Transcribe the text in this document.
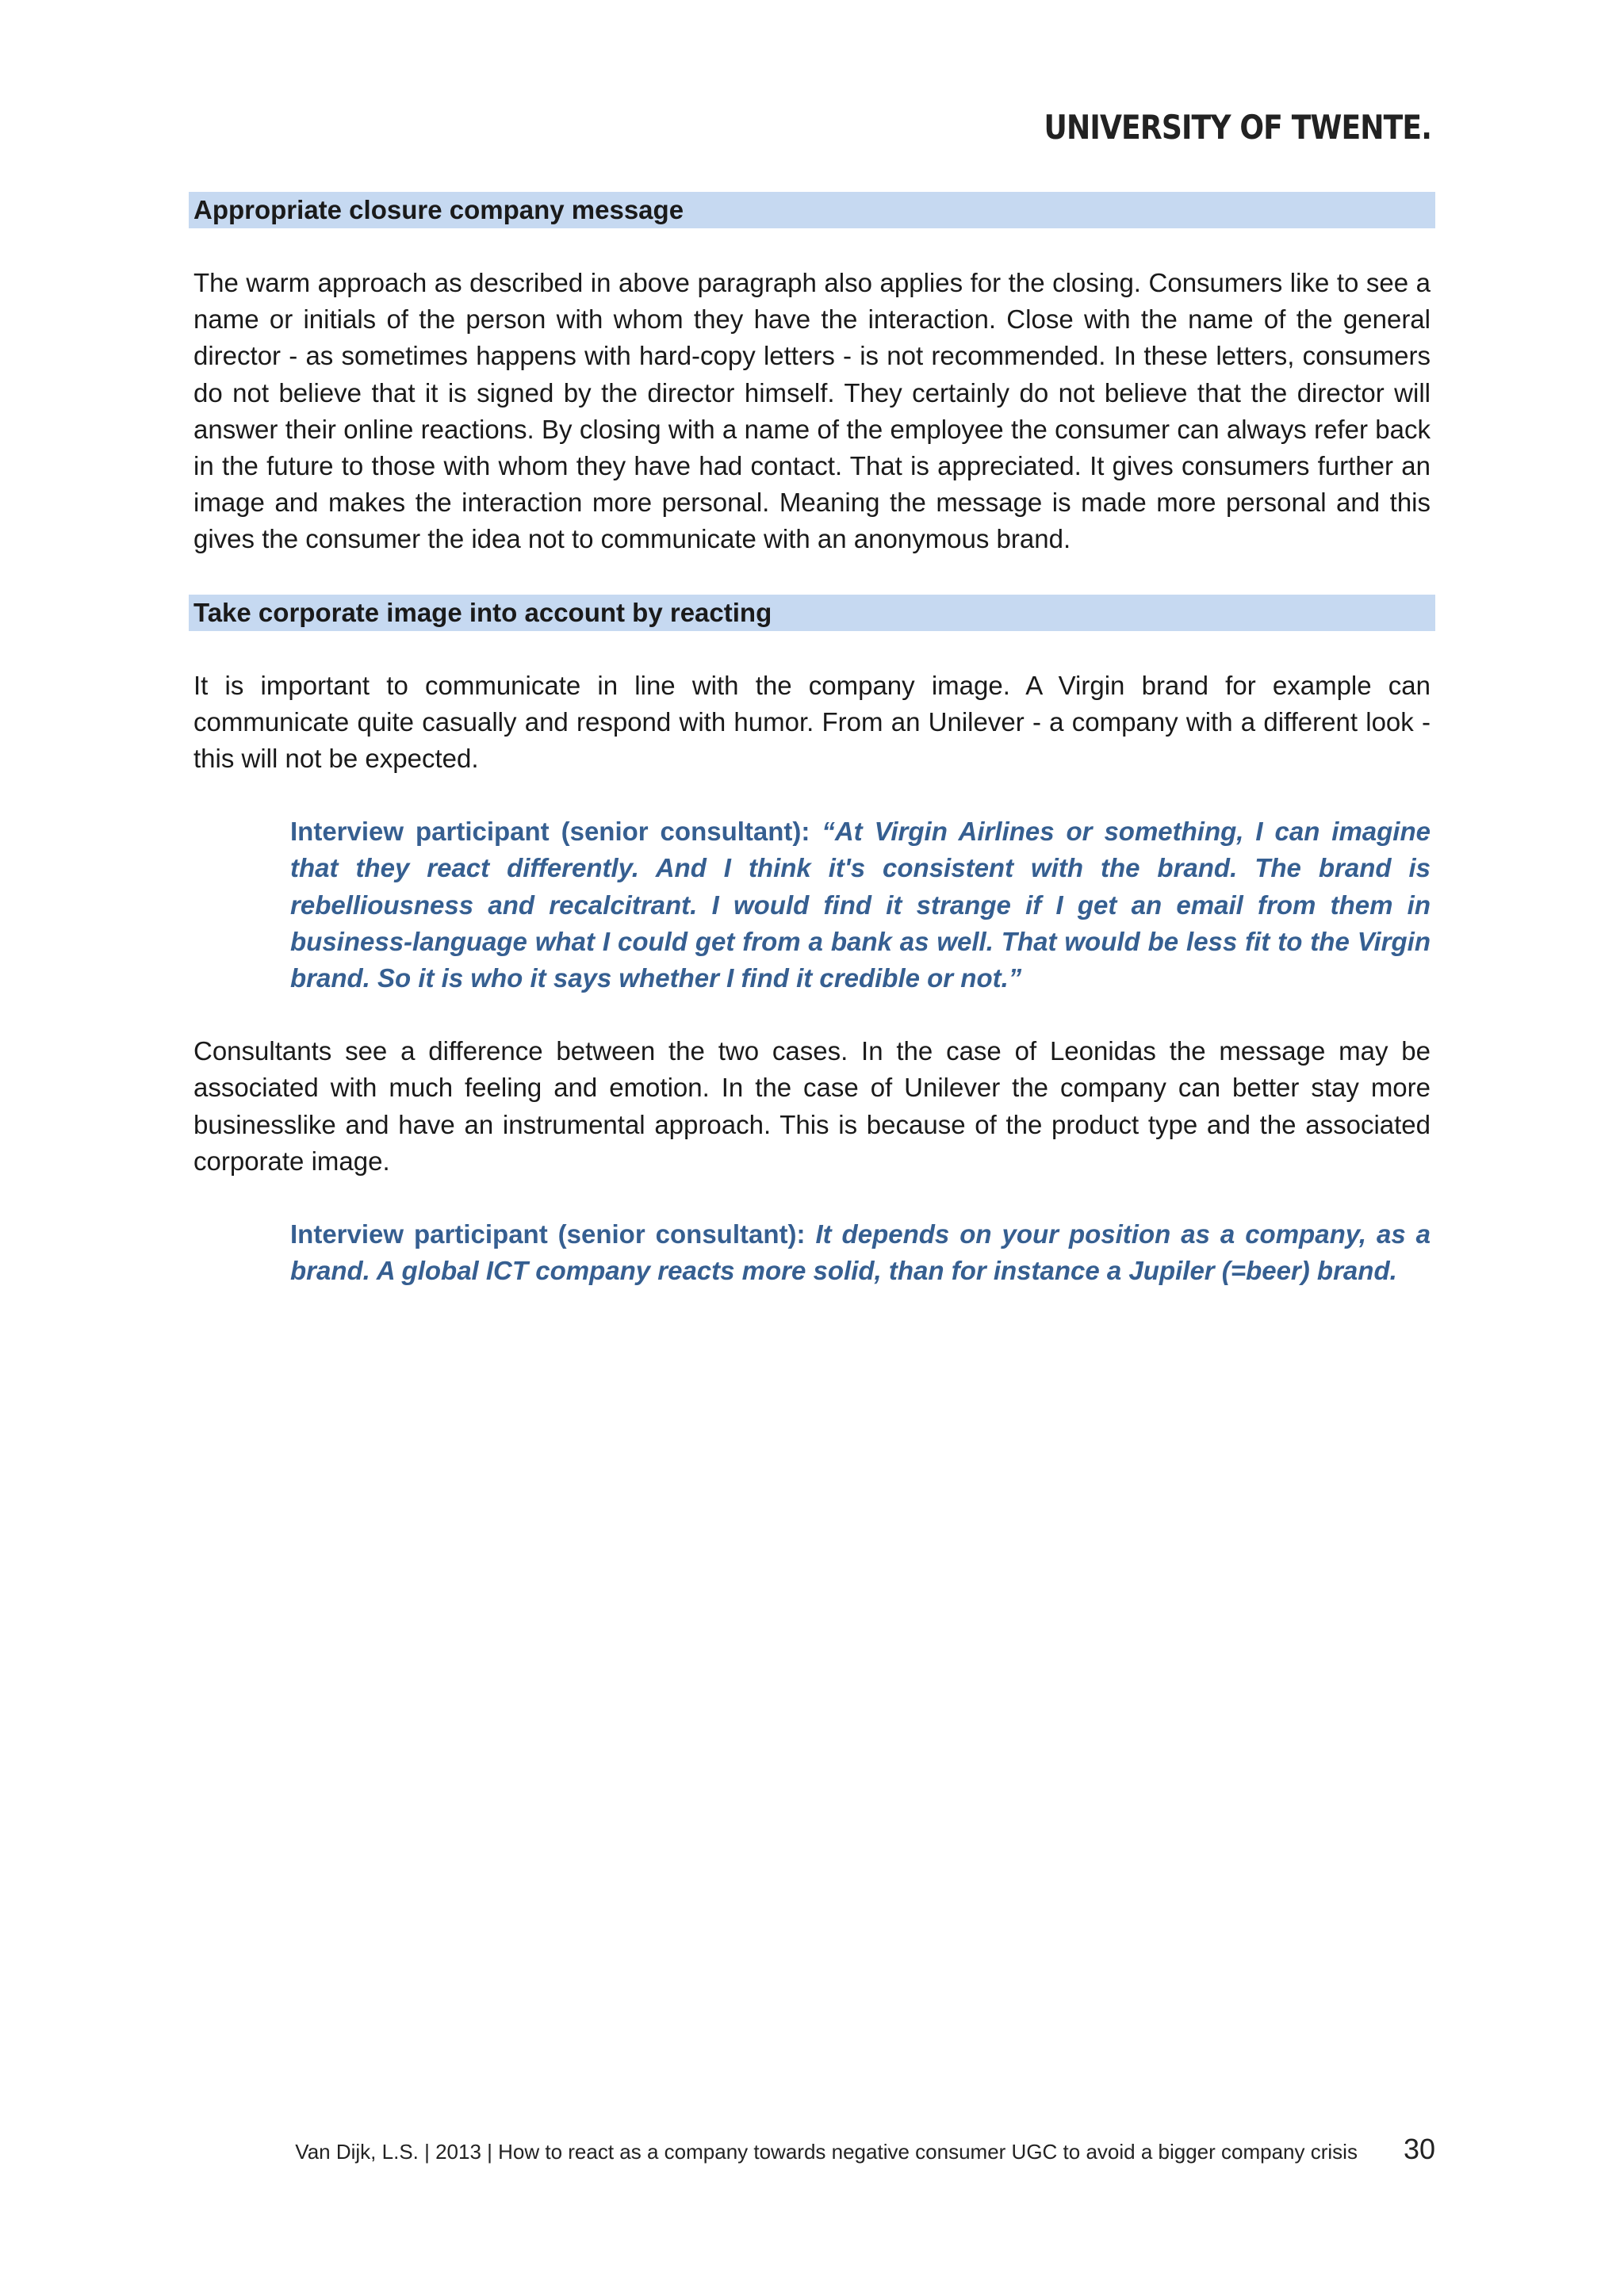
UNIVERSITY OF TWENTE.
Appropriate closure company message

The warm approach as described in above paragraph also applies for the closing. Consumers like to see a name or initials of the person with whom they have the interaction. Close with the name of the general director - as sometimes happens with hard-copy letters - is not recommended. In these letters, consumers do not believe that it is signed by the director himself. They certainly do not believe that the director will answer their online reactions. By closing with a name of the employee the consumer can always refer back in the future to those with whom they have had contact. That is appreciated. It gives consumers further an image and makes the interaction more personal. Meaning the message is made more personal and this gives the consumer the idea not to communicate with an anonymous brand.

Take corporate image into account by reacting

It is important to communicate in line with the company image. A Virgin brand for example can communicate quite casually and respond with humor. From an Unilever - a company with a different look - this will not be expected.

Interview participant (senior consultant): “At Virgin Airlines or something, I can imagine that they react differently. And I think it's consistent with the brand. The brand is rebelliousness and recalcitrant. I would find it strange if I get an email from them in business-language what I could get from a bank as well. That would be less fit to the Virgin brand. So it is who it says whether I find it credible or not.”

Consultants see a difference between the two cases. In the case of Leonidas the message may be associated with much feeling and emotion. In the case of Unilever the company can better stay more businesslike and have an instrumental approach. This is because of the product type and the associated corporate image.

Interview participant (senior consultant): It depends on your position as a company, as a brand. A global ICT company reacts more solid, than for instance a Jupiler (=beer) brand.

Van Dijk, L.S. | 2013 | How to react as a company towards negative consumer UGC to avoid a bigger company crisis 30
